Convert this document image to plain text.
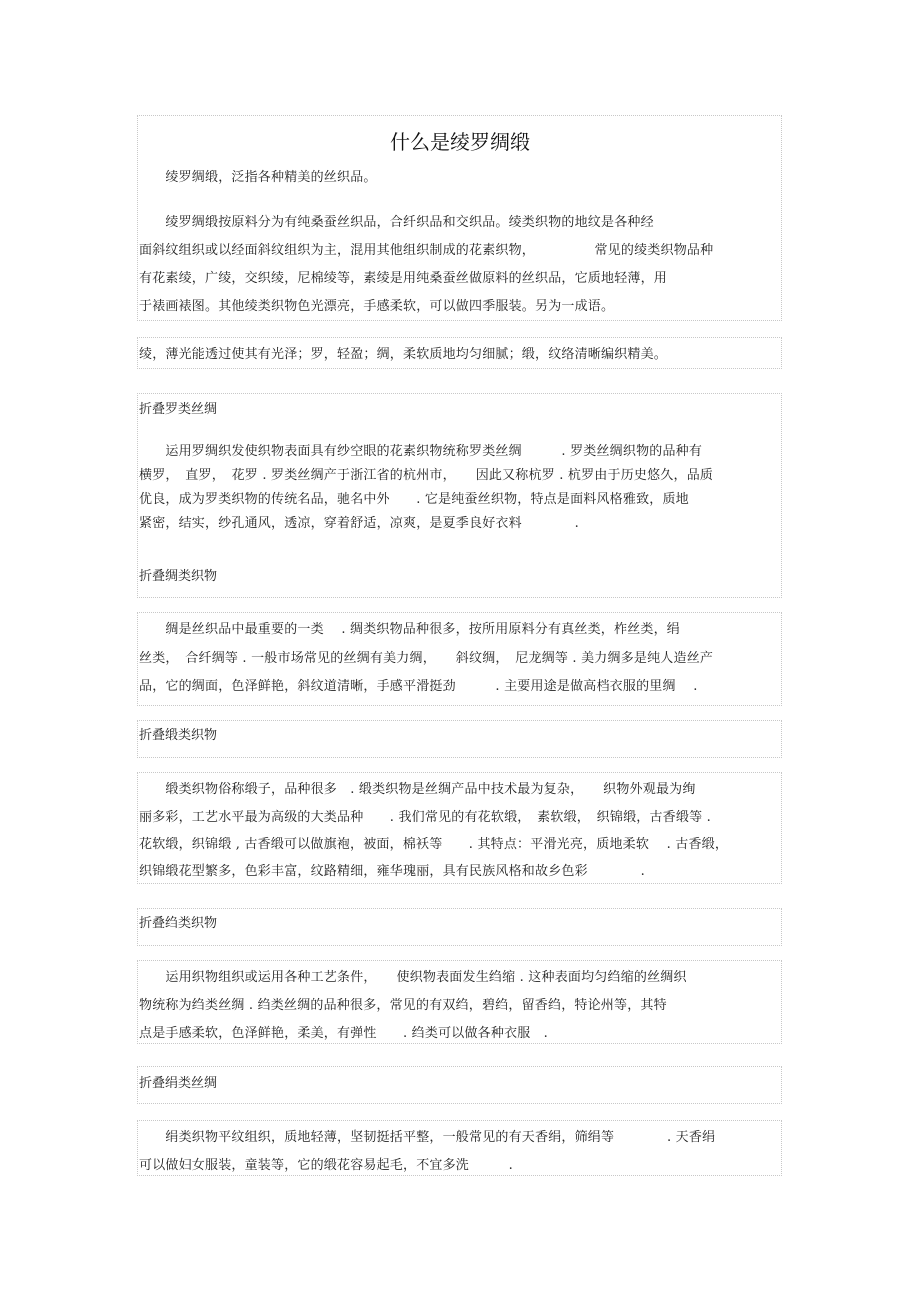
什么是绫罗绸缎
　　绫罗绸缎，泛指各种精美的丝织品。
　　绫罗绸缎按原料分为有纯桑蚕丝织品，合纤织品和交织品。绫类织物的地纹是各种经
面斜纹组织或以经面斜纹组织为主，混用其他组织制成的花素织物，　　　　　常见的绫类织物品种
有花素绫，广绫，交织绫，尼棉绫等，素绫是用纯桑蚕丝做原料的丝织品，它质地轻薄，用
于裱画裱图。其他绫类织物色光漂亮，手感柔软，可以做四季服装。另为一成语。
绫，薄光能透过使其有光泽；罗，轻盈；绸，柔软质地均匀细腻；缎，纹络清晰编织精美。
折叠罗类丝绸
　　运用罗绸织发使织物表面具有纱空眼的花素织物统称罗类丝绸　　　. 罗类丝绸织物的品种有
横罗，　直罗，　花罗 . 罗类丝绸产于浙江省的杭州市，　　因此又称杭罗 . 杭罗由于历史悠久，品质
优良，成为罗类织物的传统名品，驰名中外　　. 它是纯蚕丝织物，特点是面料风格雅致，质地
紧密，结实，纱孔通风，透凉，穿着舒适，凉爽，是夏季良好衣料　　　　.
折叠绸类织物
　　绸是丝织品中最重要的一类　 . 绸类织物品种很多，按所用原料分有真丝类，柞丝类，绢
丝类，　合纤绸等 . 一般市场常见的丝绸有美力绸，　　斜纹绸，　尼龙绸等 . 美力绸多是纯人造丝产
品，它的绸面，色泽鲜艳，斜纹道清晰，手感平滑挺劲　　　. 主要用途是做高档衣服的里绸　 .
折叠缎类织物
　　缎类织物俗称缎子，品种很多　. 缎类织物是丝绸产品中技术最为复杂，　　织物外观最为绚
丽多彩，工艺水平最为高级的大类品种　　. 我们常见的有花软缎，　素软缎，　织锦缎，古香缎等 .
花软缎，织锦缎 , 古香缎可以做旗袍，被面，棉袄等　　. 其特点：平滑光亮，质地柔软　 . 古香缎，
织锦缎花型繁多，色彩丰富，纹路精细，雍华瑰丽，具有民族风格和故乡色彩　　　　.
折叠绉类织物
　　运用织物组织或运用各种工艺条件，　　使织物表面发生绉缩 . 这种表面均匀绉缩的丝绸织
物统称为绉类丝绸 . 绉类丝绸的品种很多，常见的有双绉，碧绉，留香绉，特论州等，其特
点是手感柔软，色泽鲜艳，柔美，有弹性　　. 绉类可以做各种衣服　.
折叠绢类丝绸
　　绢类织物平纹组织，质地轻薄，坚韧挺括平整，一般常见的有天香绢，筛绢等　　　　. 天香绢
可以做妇女服装，童装等，它的缎花容易起毛，不宜多洗　　　.
